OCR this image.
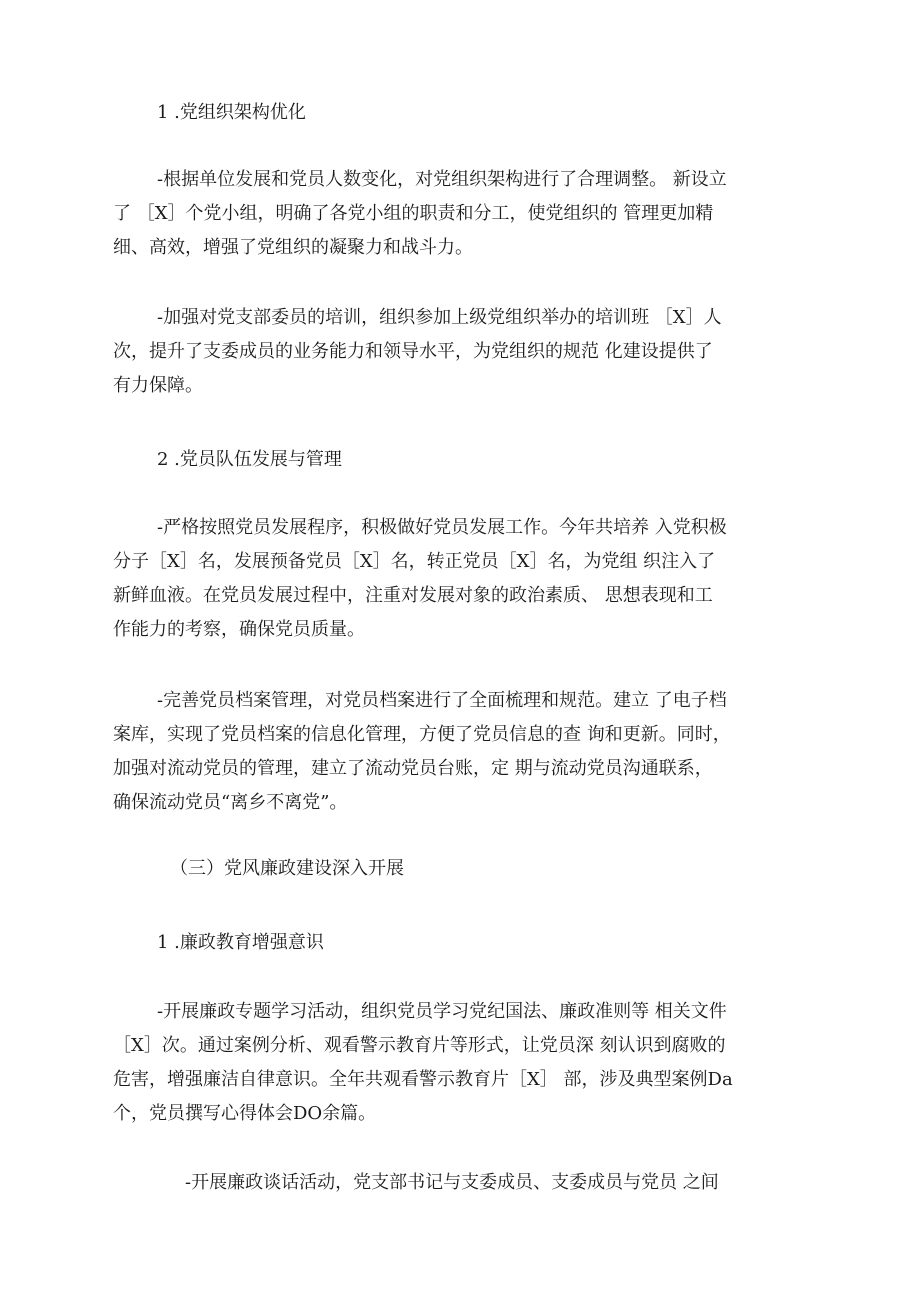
1 .党组织架构优化

-根据单位发展和党员人数变化，对党组织架构进行了合理调整。 新设立
了 ［X］个党小组，明确了各党小组的职责和分工，使党组织的 管理更加精
细、高效，增强了党组织的凝聚力和战斗力。

-加强对党支部委员的培训，组织参加上级党组织举办的培训班 ［X］人
次，提升了支委成员的业务能力和领导水平，为党组织的规范 化建设提供了
有力保障。

2 .党员队伍发展与管理

-严格按照党员发展程序，积极做好党员发展工作。今年共培养 入党积极
分子［X］名，发展预备党员［X］名，转正党员［X］名，为党组 织注入了
新鲜血液。在党员发展过程中，注重对发展对象的政治素质、 思想表现和工
作能力的考察，确保党员质量。

-完善党员档案管理，对党员档案进行了全面梳理和规范。建立 了电子档
案库，实现了党员档案的信息化管理，方便了党员信息的查 询和更新。同时，
加强对流动党员的管理，建立了流动党员台账，定 期与流动党员沟通联系，
确保流动党员“离乡不离党”。

（三）党风廉政建设深入开展
1 .廉政教育增强意识

-开展廉政专题学习活动，组织党员学习党纪国法、廉政准则等 相关文件
［X］次。通过案例分析、观看警示教育片等形式，让党员深 刻认识到腐败的
危害，增强廉洁自律意识。全年共观看警示教育片［X］ 部，涉及典型案例Da
个，党员撰写心得体会DO余篇。

-开展廉政谈话活动，党支部书记与支委成员、支委成员与党员 之间
